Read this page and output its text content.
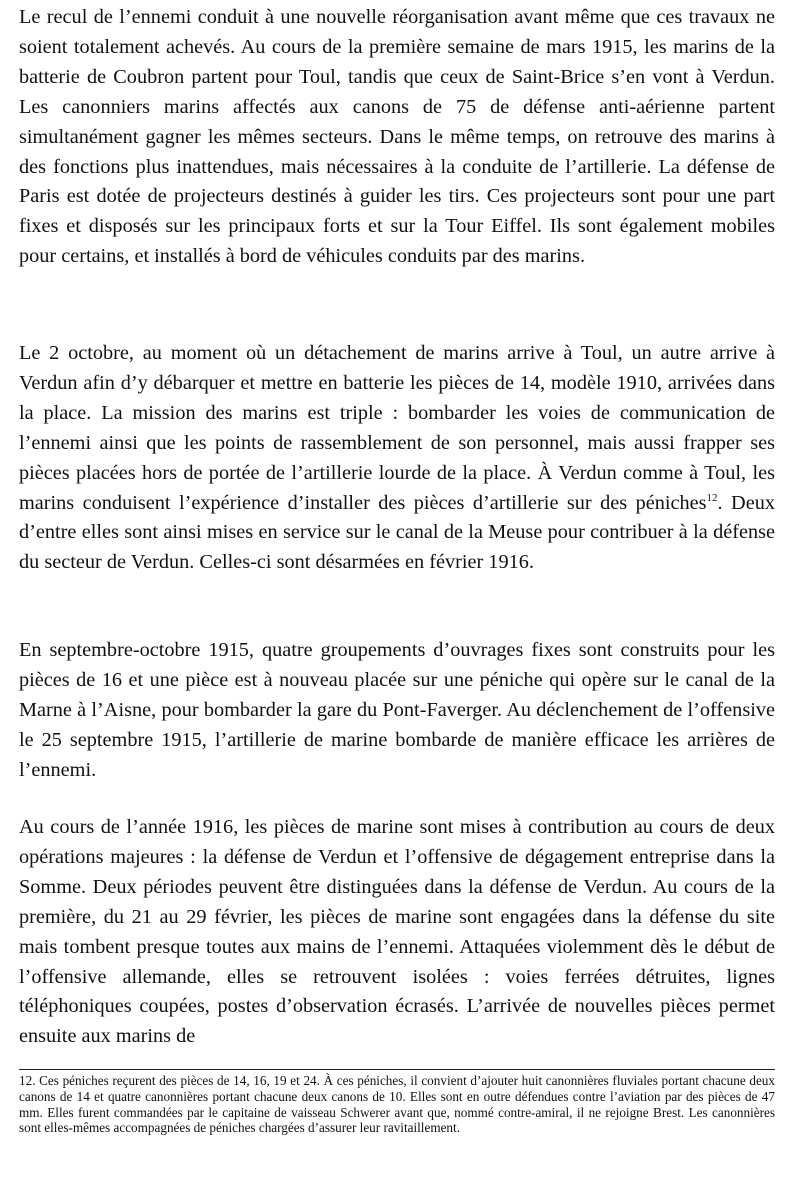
Le recul de l’ennemi conduit à une nouvelle réorganisation avant même que ces travaux ne soient totalement achevés. Au cours de la première semaine de mars 1915, les marins de la batterie de Coubron partent pour Toul, tandis que ceux de Saint-Brice s’en vont à Verdun. Les canonniers marins affectés aux canons de 75 de défense anti-aérienne partent simultanément gagner les mêmes secteurs. Dans le même temps, on retrouve des marins à des fonctions plus inattendues, mais nécessaires à la conduite de l’artillerie. La défense de Paris est dotée de projecteurs destinés à guider les tirs. Ces projecteurs sont pour une part fixes et disposés sur les principaux forts et sur la Tour Eiffel. Ils sont également mobiles pour certains, et installés à bord de véhicules conduits par des marins.

Le 2 octobre, au moment où un détachement de marins arrive à Toul, un autre arrive à Verdun afin d’y débarquer et mettre en batterie les pièces de 14, modèle 1910, arrivées dans la place. La mission des marins est triple : bombarder les voies de communication de l’ennemi ainsi que les points de rassemblement de son personnel, mais aussi frapper ses pièces placées hors de portée de l’artillerie lourde de la place. À Verdun comme à Toul, les marins conduisent l’expérience d’installer des pièces d’artillerie sur des péniches$^{12}$. Deux d’entre elles sont ainsi mises en service sur le canal de la Meuse pour contribuer à la défense du secteur de Verdun. Celles-ci sont désarmées en février 1916.

En septembre-octobre 1915, quatre groupements d’ouvrages fixes sont construits pour les pièces de 16 et une pièce est à nouveau placée sur une péniche qui opère sur le canal de la Marne à l’Aisne, pour bombarder la gare du Pont-Faverger. Au déclenchement de l’offensive le 25 septembre 1915, l’artillerie de marine bombarde de manière efficace les arrières de l’ennemi.

Au cours de l’année 1916, les pièces de marine sont mises à contribution au cours de deux opérations majeures : la défense de Verdun et l’offensive de dégagement entreprise dans la Somme. Deux périodes peuvent être distinguées dans la défense de Verdun. Au cours de la première, du 21 au 29 février, les pièces de marine sont engagées dans la défense du site mais tombent presque toutes aux mains de l’ennemi. Attaquées violemment dès le début de l’offensive allemande, elles se retrouvent isolées : voies ferrées détruites, lignes téléphoniques coupées, postes d’observation écrasés. L’arrivée de nouvelles pièces permet ensuite aux marins de

12. Ces péniches reçurent des pièces de 14, 16, 19 et 24. À ces péniches, il convient d’ajouter huit canonnières fluviales portant chacune deux canons de 14 et quatre canonnières portant chacune deux canons de 10. Elles sont en outre défendues contre l’aviation par des pièces de 47 mm. Elles furent commandées par le capitaine de vaisseau Schwerer avant que, nommé contre-amiral, il ne rejoigne Brest. Les canonnières sont elles-mêmes accompagnées de péniches chargées d’assurer leur ravitaillement.
